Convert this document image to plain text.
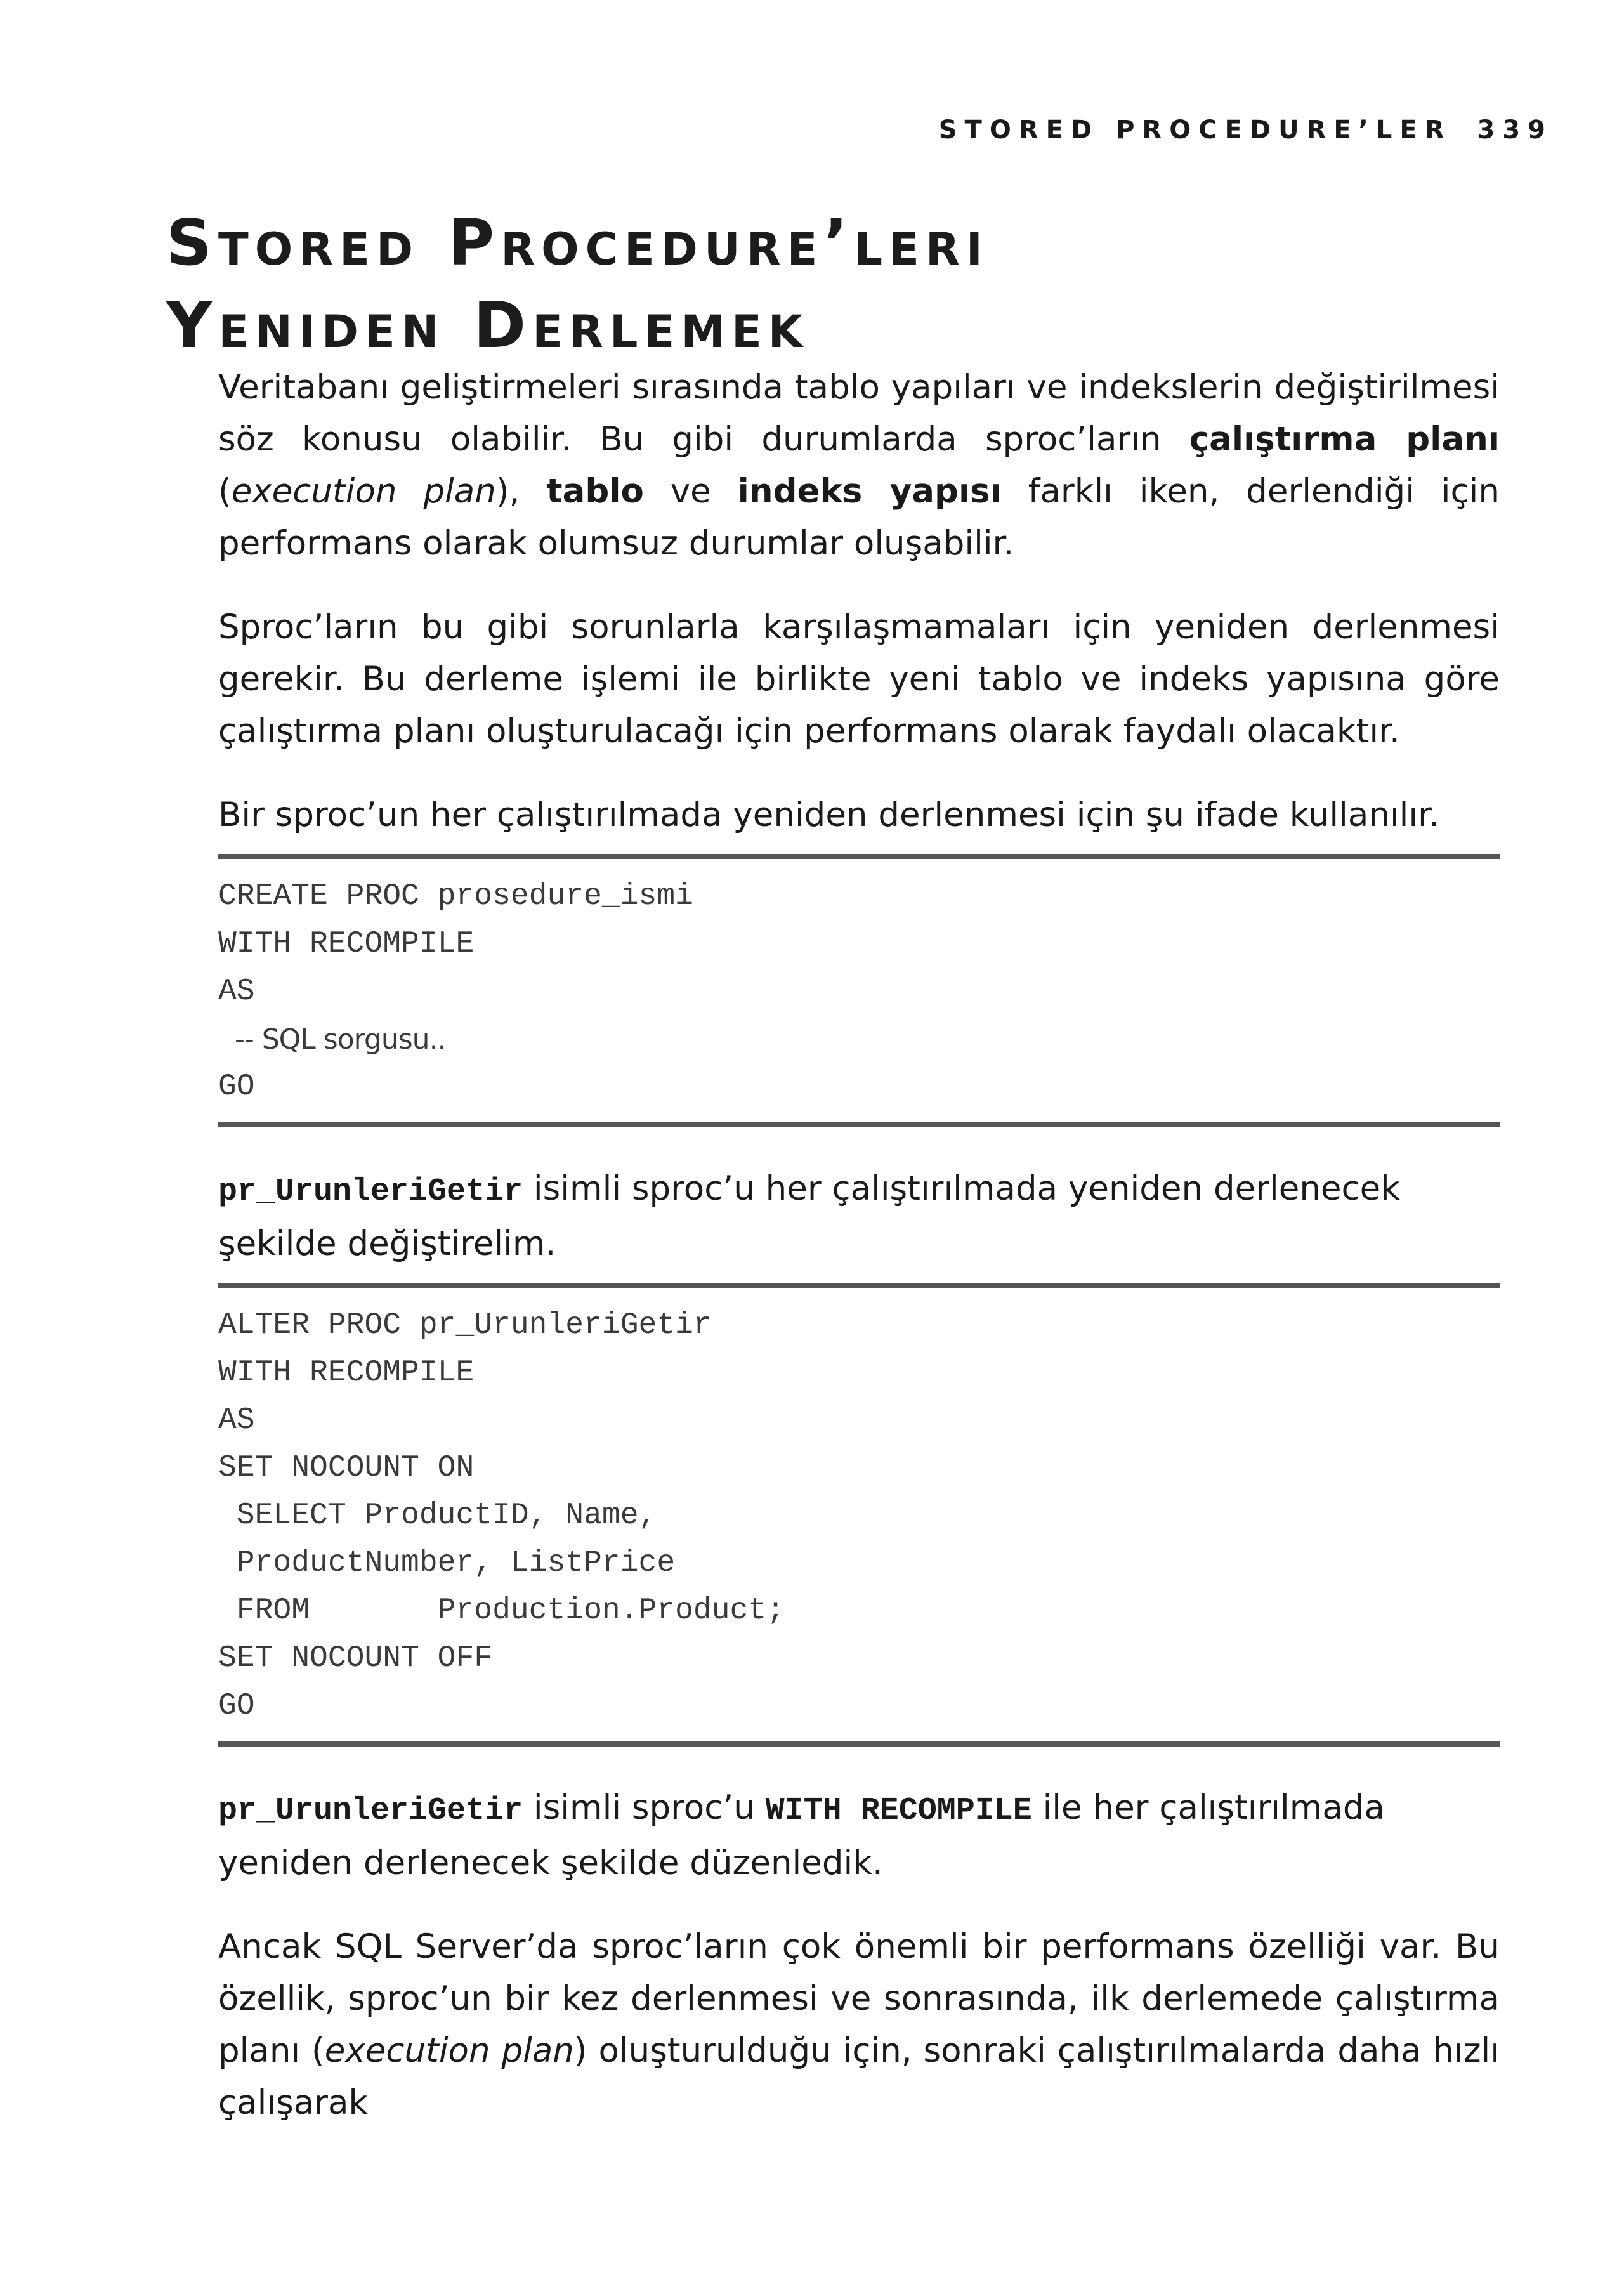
STORED PROCEDURE’LER 339
Stored Procedure’leri
Yeniden Derlemek

Veritabanı geliştirmeleri sırasında tablo yapıları ve indekslerin değiştirilmesi söz konusu olabilir. Bu gibi durumlarda sproc’ların çalıştırma planı (execution plan), tablo ve indeks yapısı farklı iken, derlendiği için performans olarak olumsuz durumlar oluşabilir.

Sproc’ların bu gibi sorunlarla karşılaşmamaları için yeniden derlenmesi gerekir. Bu derleme işlemi ile birlikte yeni tablo ve indeks yapısına göre çalıştırma planı oluşturulacağı için performans olarak faydalı olacaktır.

Bir sproc’un her çalıştırılmada yeniden derlenmesi için şu ifade kullanılır.

CREATE PROC prosedure_ismi
WITH RECOMPILE
AS
-- SQL sorgusu..
GO

pr_UrunleriGetir isimli sproc’u her çalıştırılmada yeniden derlenecek şekilde değiştirelim.

ALTER PROC pr_UrunleriGetir
WITH RECOMPILE
AS
SET NOCOUNT ON
SELECT ProductID, Name,
ProductNumber, ListPrice
FROM       Production.Product;
SET NOCOUNT OFF
GO

pr_UrunleriGetir isimli sproc’u WITH RECOMPILE ile her çalıştırılmada yeniden derlenecek şekilde düzenledik.

Ancak SQL Server’da sproc’ların çok önemli bir performans özelliği var. Bu özellik, sproc’un bir kez derlenmesi ve sonrasında, ilk derlemede çalıştırma planı (execution plan) oluşturulduğu için, sonraki çalıştırılmalarda daha hızlı çalışarak
